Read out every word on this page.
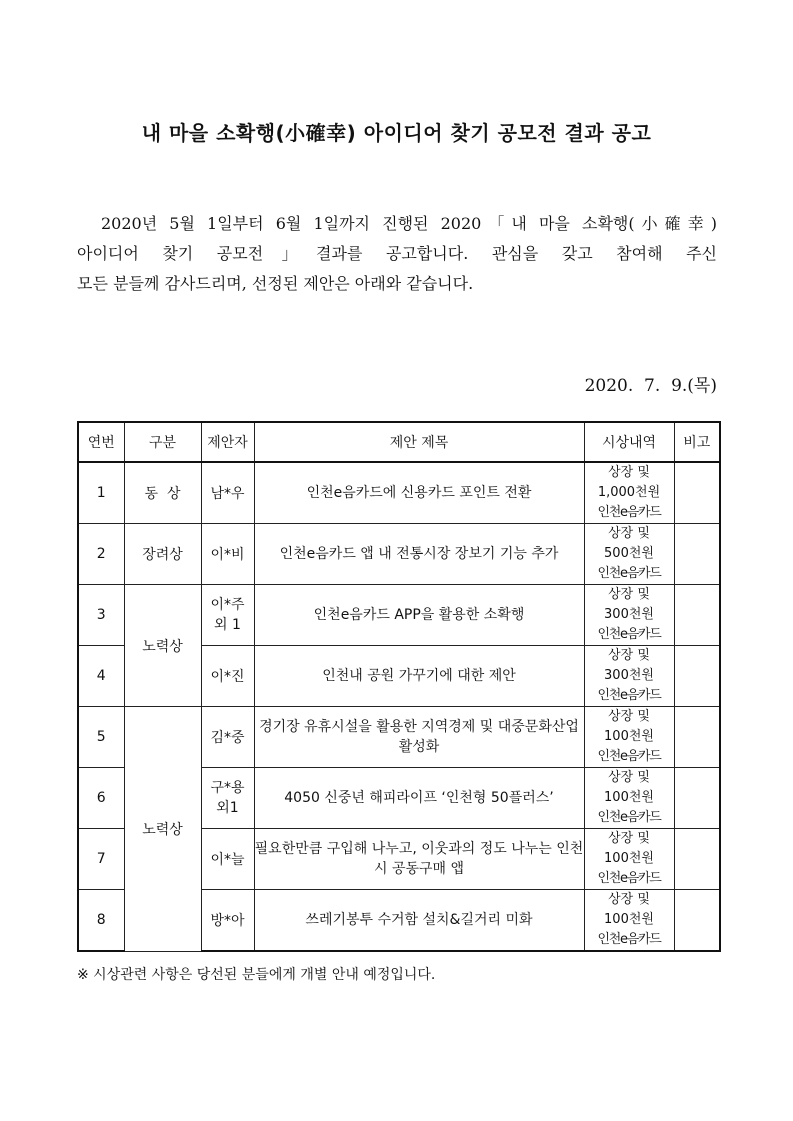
내 마을 소확행(小確幸) 아이디어 찾기 공모전 결과 공고
2020년 5월 1일부터 6월 1일까지 진행된 2020「내 마을 소확행(小確幸)
아이디어 찾기 공모전」결과를 공고합니다. 관심을 갖고 참여해 주신
모든 분들께 감사드리며, 선정된 제안은 아래와 같습니다.
2020.  7.  9.(목)
연번	구분	제안자	제안 제목	시상내역	비고
1	동  상	남*우	인천e음카드에 신용카드 포인트 전환	상장 및
1,000천원
인천e음카드	

2	장려상	이*비	인천e음카드 앱 내 전통시장 장보기 기능 추가	상장 및
500천원
인천e음카드	

3	노력상	이*주 외 1	인천e음카드 APP을 활용한 소확행	상장 및
300천원
인천e음카드	

4		이*진	인천내 공원 가꾸기에 대한 제안	상장 및
300천원
인천e음카드	

5	노력상	김*중	경기장 유휴시설을 활용한 지역경제 및 대중문화산업 활성화	상장 및
100천원
인천e음카드	

6		구*용 외1	4050 신중년 해피라이프 ‘인천형 50플러스’	상장 및
100천원
인천e음카드	

7		이*늘	필요한만큼 구입해 나누고, 이웃과의 정도 나누는 인천시 공동구매 앱	상장 및
100천원
인천e음카드	

8		방*아	쓰레기봉투 수거함 설치&길거리 미화	상장 및
100천원
인천e음카드	

※ 시상관련 사항은 당선된 분들에게 개별 안내 예정입니다.
